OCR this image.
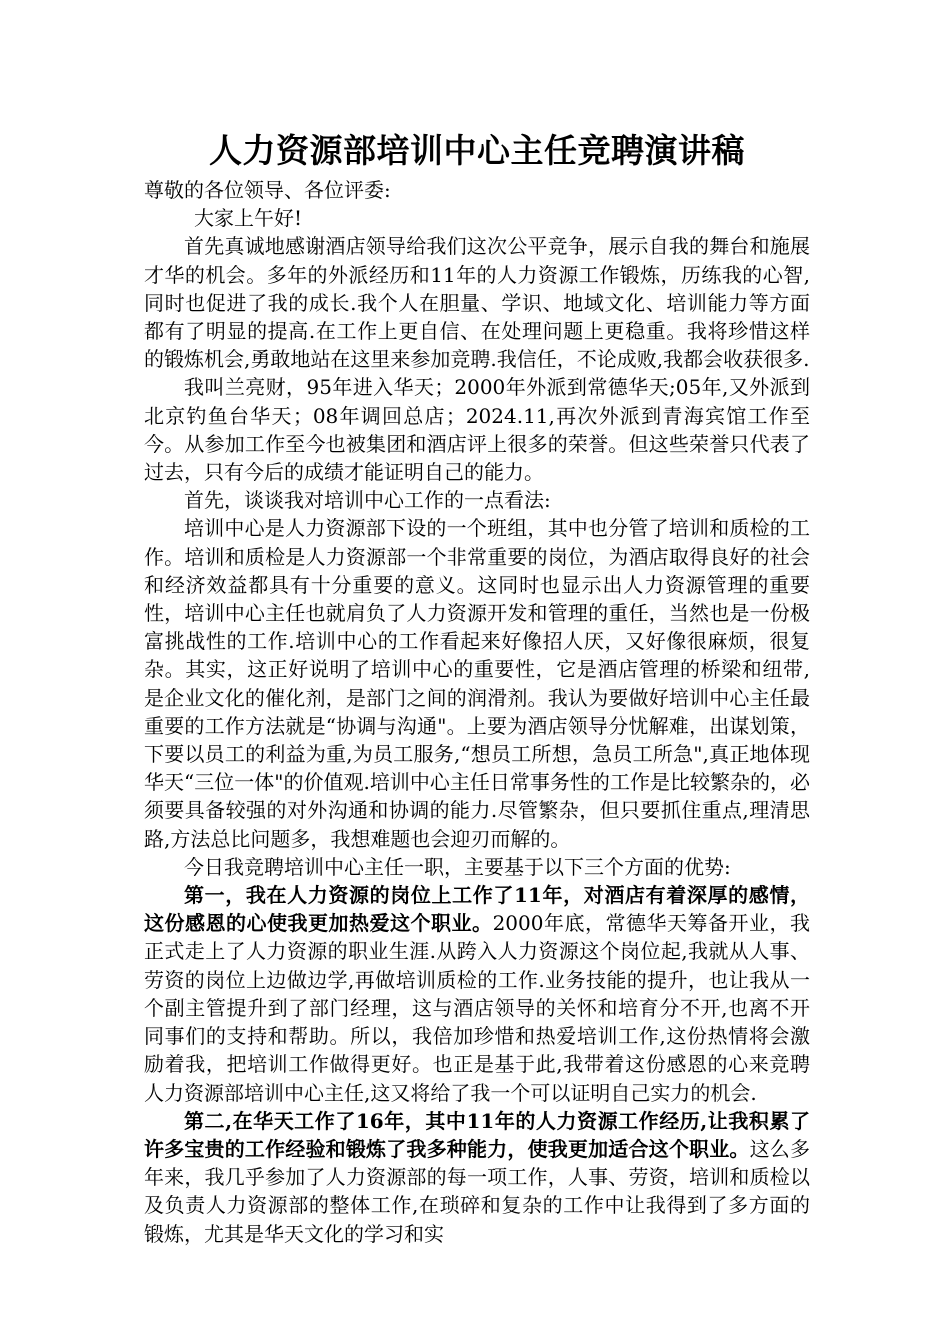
人力资源部培训中心主任竞聘演讲稿

尊敬的各位领导、各位评委:

大家上午好!

首先真诚地感谢酒店领导给我们这次公平竞争，展示自我的舞台和施展才华的机会。多年的外派经历和11年的人力资源工作锻炼，历练我的心智,同时也促进了我的成长.我个人在胆量、学识、地域文化、培训能力等方面都有了明显的提高.在工作上更自信、在处理问题上更稳重。我将珍惜这样的锻炼机会,勇敢地站在这里来参加竞聘.我信任，不论成败,我都会收获很多.

我叫兰亮财，95年进入华天；2000年外派到常德华天;05年,又外派到北京钓鱼台华天；08年调回总店；2024.11,再次外派到青海宾馆工作至今。从参加工作至今也被集团和酒店评上很多的荣誉。但这些荣誉只代表了过去，只有今后的成绩才能证明自己的能力。

首先，谈谈我对培训中心工作的一点看法:

培训中心是人力资源部下设的一个班组，其中也分管了培训和质检的工作。培训和质检是人力资源部一个非常重要的岗位，为酒店取得良好的社会和经济效益都具有十分重要的意义。这同时也显示出人力资源管理的重要性，培训中心主任也就肩负了人力资源开发和管理的重任，当然也是一份极富挑战性的工作.培训中心的工作看起来好像招人厌，又好像很麻烦，很复杂。其实，这正好说明了培训中心的重要性，它是酒店管理的桥梁和纽带,是企业文化的催化剂，是部门之间的润滑剂。我认为要做好培训中心主任最重要的工作方法就是“协调与沟通"。上要为酒店领导分忧解难，出谋划策，下要以员工的利益为重,为员工服务,“想员工所想，急员工所急",真正地体现华天“三位一体"的价值观.培训中心主任日常事务性的工作是比较繁杂的，必须要具备较强的对外沟通和协调的能力.尽管繁杂，但只要抓住重点,理清思路,方法总比问题多，我想难题也会迎刃而解的。

今日我竞聘培训中心主任一职，主要基于以下三个方面的优势:

第一，我在人力资源的岗位上工作了11年，对酒店有着深厚的感情，这份感恩的心使我更加热爱这个职业。2000年底，常德华天筹备开业，我正式走上了人力资源的职业生涯.从跨入人力资源这个岗位起,我就从人事、劳资的岗位上边做边学,再做培训质检的工作.业务技能的提升，也让我从一个副主管提升到了部门经理，这与酒店领导的关怀和培育分不开,也离不开同事们的支持和帮助。所以，我倍加珍惜和热爱培训工作,这份热情将会激励着我，把培训工作做得更好。也正是基于此,我带着这份感恩的心来竞聘人力资源部培训中心主任,这又将给了我一个可以证明自己实力的机会.

第二,在华天工作了16年，其中11年的人力资源工作经历,让我积累了许多宝贵的工作经验和锻炼了我多种能力，使我更加适合这个职业。这么多年来，我几乎参加了人力资源部的每一项工作，人事、劳资，培训和质检以及负责人力资源部的整体工作,在琐碎和复杂的工作中让我得到了多方面的锻炼，尤其是华天文化的学习和实
